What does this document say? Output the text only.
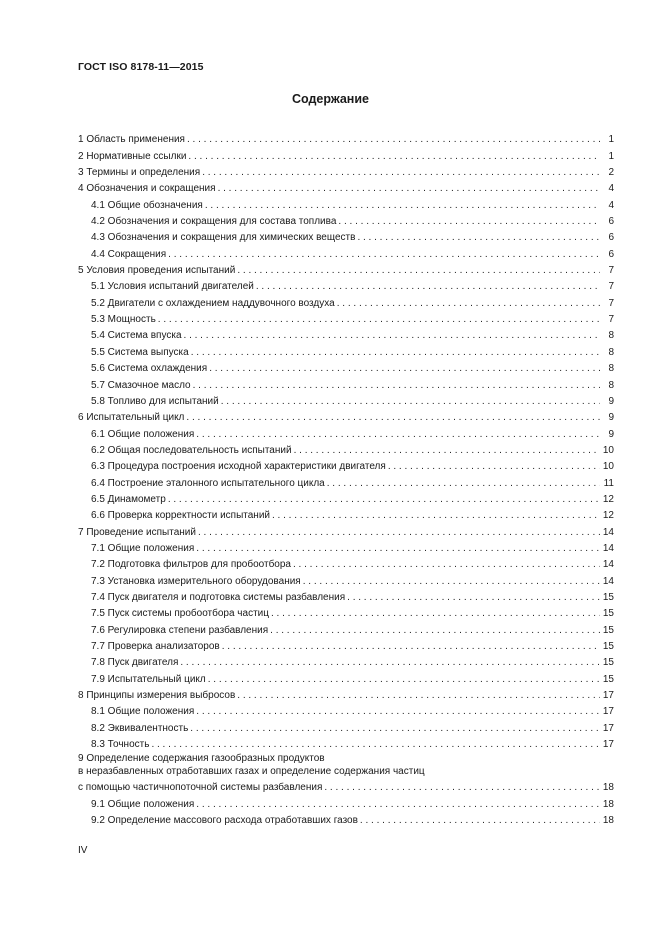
ГОСТ ISO 8178-11—2015
Содержание
1 Область применения . . .	1
2 Нормативные ссылки . . .	1
3 Термины и определения . . .	2
4 Обозначения и сокращения . . .	4
4.1 Общие обозначения . . .	4
4.2 Обозначения и сокращения для состава топлива . . .	6
4.3 Обозначения и сокращения для химических веществ . . .	6
4.4 Сокращения . . .	6
5 Условия проведения испытаний . . .	7
5.1 Условия испытаний двигателей . . .	7
5.2 Двигатели с охлаждением наддувочного воздуха . . .	7
5.3 Мощность . . .	7
5.4 Система впуска . . .	8
5.5 Система выпуска . . .	8
5.6 Система охлаждения . . .	8
5.7 Смазочное масло . . .	8
5.8 Топливо для испытаний . . .	9
6 Испытательный цикл . . .	9
6.1 Общие положения . . .	9
6.2 Общая последовательность испытаний . . .	10
6.3 Процедура построения исходной характеристики двигателя . . .	10
6.4 Построение эталонного испытательного цикла . . .	11
6.5 Динамометр . . .	12
6.6 Проверка корректности испытаний . . .	12
7 Проведение испытаний . . .	14
7.1 Общие положения . . .	14
7.2 Подготовка фильтров для пробоотбора . . .	14
7.3 Установка измерительного оборудования . . .	14
7.4 Пуск двигателя и подготовка системы разбавления . . .	15
7.5 Пуск системы пробоотбора частиц . . .	15
7.6 Регулировка степени разбавления . . .	15
7.7 Проверка анализаторов . . .	15
7.8 Пуск двигателя . . .	15
7.9 Испытательный цикл . . .	15
8 Принципы измерения выбросов . . .	17
8.1 Общие положения . . .	17
8.2 Эквивалентность . . .	17
8.3 Точность . . .	17
9 Определение содержания газообразных продуктов
в неразбавленных отработавших газах и определение содержания частиц
с помощью частичнопоточной системы разбавления . . .	18
9.1 Общие положения . . .	18
9.2 Определение массового расхода отработавших газов . . .	18
IV
